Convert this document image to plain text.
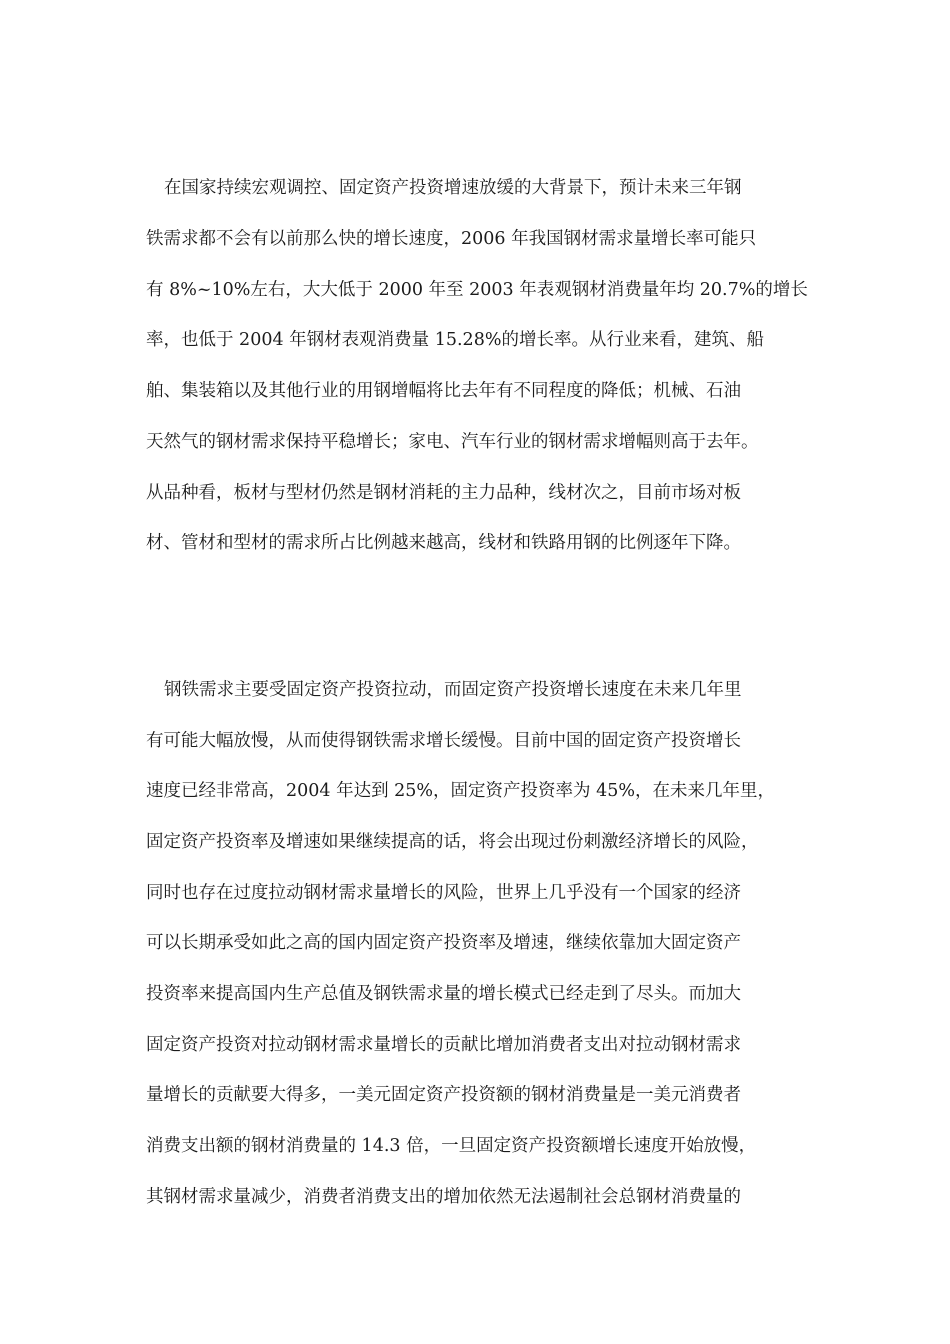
在国家持续宏观调控、固定资产投资增速放缓的大背景下，预计未来三年钢
铁需求都不会有以前那么快的增长速度，2006 年我国钢材需求量增长率可能只
有 8%~10%左右，大大低于 2000 年至 2003 年表观钢材消费量年均 20.7%的增长
率，也低于 2004 年钢材表观消费量 15.28%的增长率。从行业来看，建筑、船
舶、集装箱以及其他行业的用钢增幅将比去年有不同程度的降低；机械、石油
天然气的钢材需求保持平稳增长；家电、汽车行业的钢材需求增幅则高于去年。
从品种看，板材与型材仍然是钢材消耗的主力品种，线材次之，目前市场对板
材、管材和型材的需求所占比例越来越高，线材和铁路用钢的比例逐年下降。
钢铁需求主要受固定资产投资拉动，而固定资产投资增长速度在未来几年里
有可能大幅放慢，从而使得钢铁需求增长缓慢。目前中国的固定资产投资增长
速度已经非常高，2004 年达到 25%，固定资产投资率为 45%，在未来几年里，
固定资产投资率及增速如果继续提高的话，将会出现过份刺激经济增长的风险，
同时也存在过度拉动钢材需求量增长的风险，世界上几乎没有一个国家的经济
可以长期承受如此之高的国内固定资产投资率及增速，继续依靠加大固定资产
投资率来提高国内生产总值及钢铁需求量的增长模式已经走到了尽头。而加大
固定资产投资对拉动钢材需求量增长的贡献比增加消费者支出对拉动钢材需求
量增长的贡献要大得多，一美元固定资产投资额的钢材消费量是一美元消费者
消费支出额的钢材消费量的 14.3 倍，一旦固定资产投资额增长速度开始放慢，
其钢材需求量减少，消费者消费支出的增加依然无法遏制社会总钢材消费量的
